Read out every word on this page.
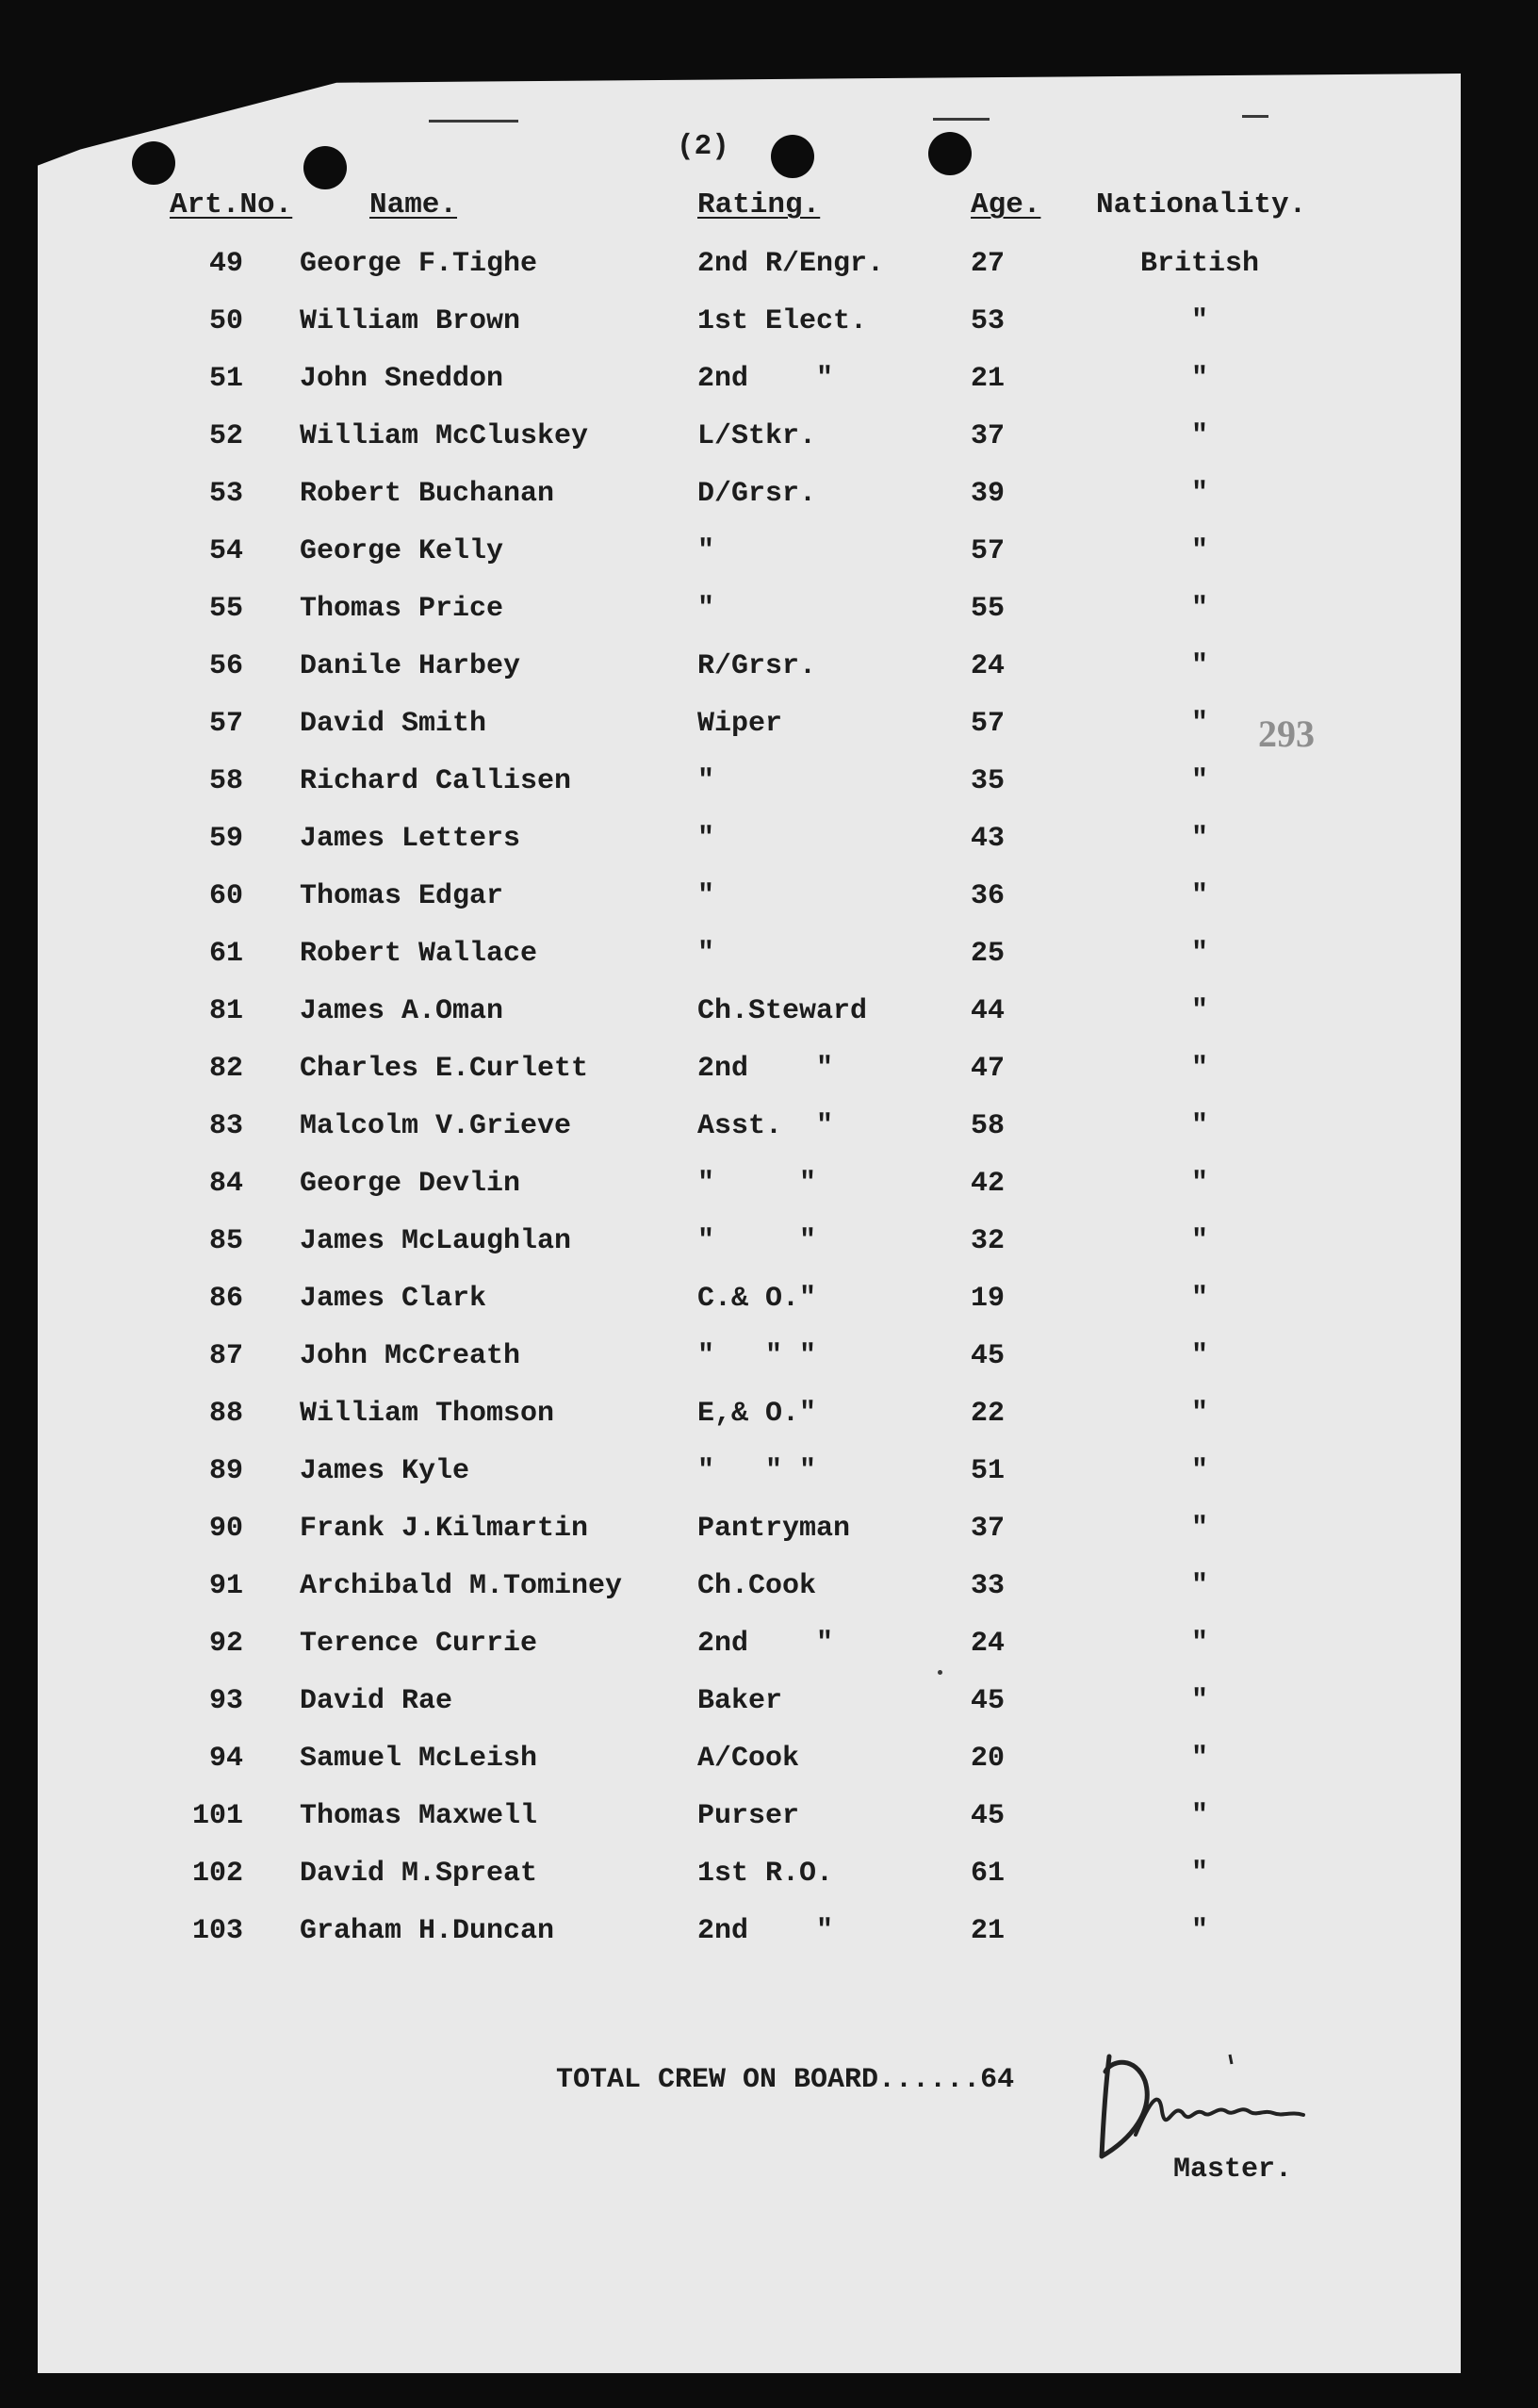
(2)
Art.No.	Name.	Rating.	Age. Nationality.
49 George F.Tighe	2nd R/Engr.	27	British
50 William Brown	1st Elect.	53	"
51 John Sneddon	2nd    "	21	"
52 William McCluskey	L/Stkr.	37	"
53 Robert Buchanan	D/Grsr.	39	"
54 George Kelly	"	57	"
55 Thomas Price	"	55	"
56 Danile Harbey	R/Grsr.	24	"
57 David Smith	Wiper	57	"
58 Richard Callisen	"	35	"
59 James Letters	"	43	"
60 Thomas Edgar	"	36	"
61 Robert Wallace	"	25	"
81 James A.Oman	Ch.Steward	44	"
82 Charles E.Curlett	2nd    "	47	"
83 Malcolm V.Grieve	Asst.  "	58	"
84 George Devlin	"     "	42	"
85 James McLaughlan	"     "	32	"
86 James Clark	C.& O."	19	"
87 John McCreath	"   " "	45	"
88 William Thomson	E,& O."	22	"
89 James Kyle	"   " "	51	"
90 Frank J.Kilmartin	Pantryman	37	"
91 Archibald M.Tominey	Ch.Cook	33	"
92 Terence Currie	2nd    "	24	"
93 David Rae	Baker	45	"
94 Samuel McLeish	A/Cook	20	"
101 Thomas Maxwell	Purser	45	"
102 David M.Spreat	1st R.O.	61	"
103 Graham H.Duncan	2nd    "	21	"
293
TOTAL CREW ON BOARD......64
Master.
